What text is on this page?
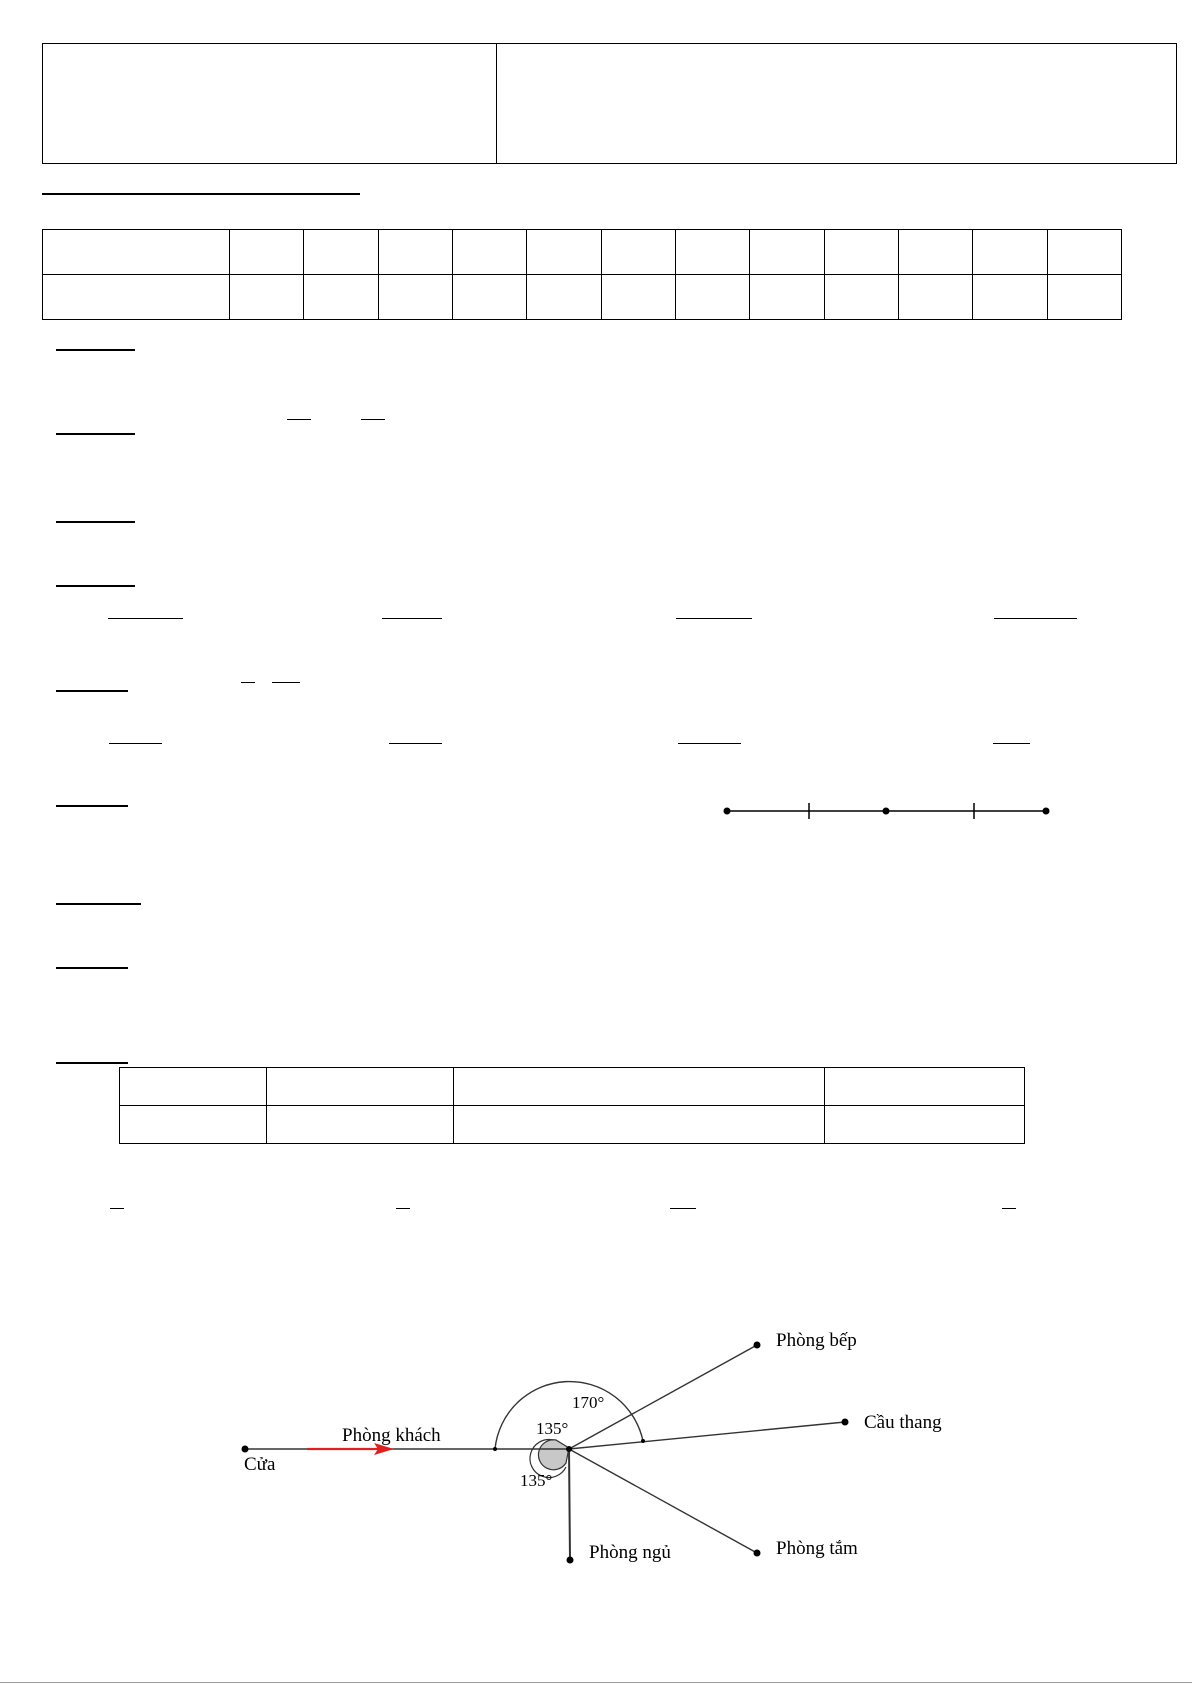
Cửa
Phòng khách
Phòng bếp
Cầu thang
Phòng tắm
Phòng ngủ
170°
135°
135°
